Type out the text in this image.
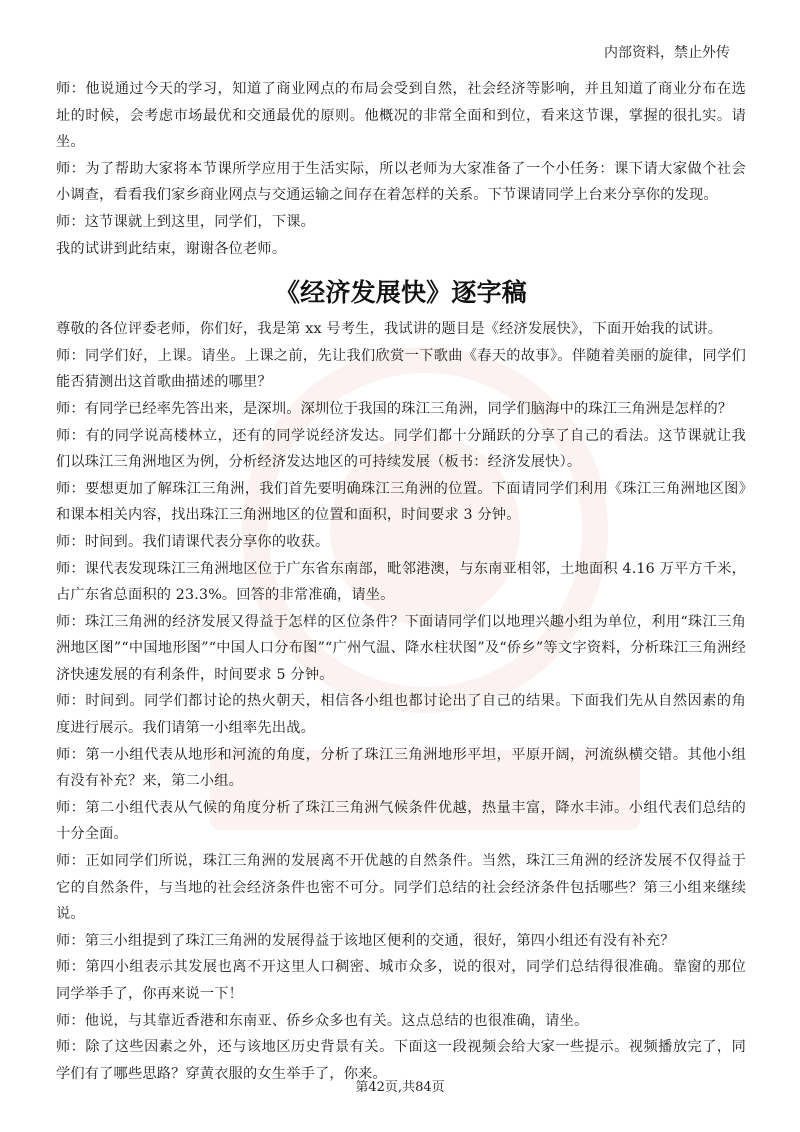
内部资料，禁止外传

师：他说通过今天的学习，知道了商业网点的布局会受到自然，社会经济等影响，并且知道了商业分布在选址的时候，会考虑市场最优和交通最优的原则。他概况的非常全面和到位，看来这节课，掌握的很扎实。请坐。

师：为了帮助大家将本节课所学应用于生活实际，所以老师为大家准备了一个小任务：课下请大家做个社会小调查，看看我们家乡商业网点与交通运输之间存在着怎样的关系。下节课请同学上台来分享你的发现。

师：这节课就上到这里，同学们，下课。

我的试讲到此结束，谢谢各位老师。

《经济发展快》逐字稿

尊敬的各位评委老师，你们好，我是第 xx 号考生，我试讲的题目是《经济发展快》，下面开始我的试讲。

师：同学们好，上课。请坐。上课之前，先让我们欣赏一下歌曲《春天的故事》。伴随着美丽的旋律，同学们能否猜测出这首歌曲描述的哪里？

师：有同学已经率先答出来，是深圳。深圳位于我国的珠江三角洲，同学们脑海中的珠江三角洲是怎样的？

师：有的同学说高楼林立，还有的同学说经济发达。同学们都十分踊跃的分享了自己的看法。这节课就让我们以珠江三角洲地区为例，分析经济发达地区的可持续发展（板书：经济发展快）。

师：要想更加了解珠江三角洲，我们首先要明确珠江三角洲的位置。下面请同学们利用《珠江三角洲地区图》和课本相关内容，找出珠江三角洲地区的位置和面积，时间要求 3 分钟。

师：时间到。我们请课代表分享你的收获。

师：课代表发现珠江三角洲地区位于广东省东南部，毗邻港澳，与东南亚相邻，土地面积 4.16 万平方千米，占广东省总面积的 23.3%。回答的非常准确，请坐。

师：珠江三角洲的经济发展又得益于怎样的区位条件？下面请同学们以地理兴趣小组为单位，利用“珠江三角洲地区图”“中国地形图”“中国人口分布图”“广州气温、降水柱状图”及“侨乡”等文字资料，分析珠江三角洲经济快速发展的有利条件，时间要求 5 分钟。

师：时间到。同学们都讨论的热火朝天，相信各小组也都讨论出了自己的结果。下面我们先从自然因素的角度进行展示。我们请第一小组率先出战。

师：第一小组代表从地形和河流的角度，分析了珠江三角洲地形平坦，平原开阔，河流纵横交错。其他小组有没有补充？来，第二小组。

师：第二小组代表从气候的角度分析了珠江三角洲气候条件优越，热量丰富，降水丰沛。小组代表们总结的十分全面。

师：正如同学们所说，珠江三角洲的发展离不开优越的自然条件。当然，珠江三角洲的经济发展不仅得益于它的自然条件，与当地的社会经济条件也密不可分。同学们总结的社会经济条件包括哪些？第三小组来继续说。

师：第三小组提到了珠江三角洲的发展得益于该地区便利的交通，很好，第四小组还有没有补充？

师：第四小组表示其发展也离不开这里人口稠密、城市众多，说的很对，同学们总结得很准确。靠窗的那位同学举手了，你再来说一下！

师：他说，与其靠近香港和东南亚、侨乡众多也有关。这点总结的也很准确，请坐。

师：除了这些因素之外，还与该地区历史背景有关。下面这一段视频会给大家一些提示。视频播放完了，同学们有了哪些思路？穿黄衣服的女生举手了，你来。

第42页,共84页
